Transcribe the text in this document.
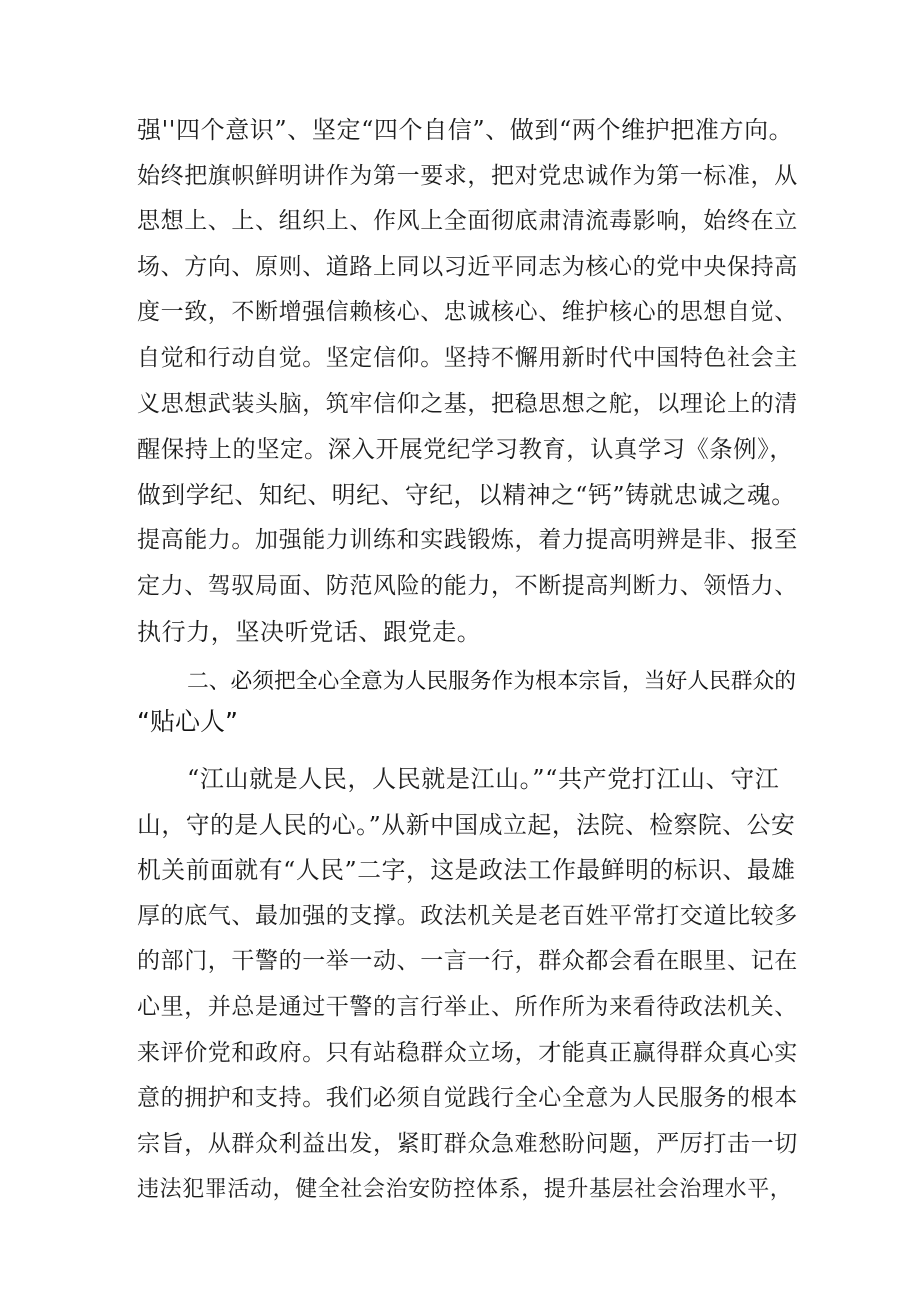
强''四个意识”、坚定“四个自信”、做到“两个维护把准方向。
始终把旗帜鲜明讲作为第一要求，把对党忠诚作为第一标准，从
思想上、上、组织上、作风上全面彻底肃清流毒影响，始终在立
场、方向、原则、道路上同以习近平同志为核心的党中央保持高
度一致，不断增强信赖核心、忠诚核心、维护核心的思想自觉、
自觉和行动自觉。坚定信仰。坚持不懈用新时代中国特色社会主
义思想武装头脑，筑牢信仰之基，把稳思想之舵，以理论上的清
醒保持上的坚定。深入开展党纪学习教育，认真学习《条例》，
做到学纪、知纪、明纪、守纪，以精神之“钙”铸就忠诚之魂。
提高能力。加强能力训练和实践锻炼，着力提高明辨是非、报至
定力、驾驭局面、防范风险的能力，不断提高判断力、领悟力、
执行力，坚决听党话、跟党走。
二、必须把全心全意为人民服务作为根本宗旨，当好人民群众的
“贴心人”
“江山就是人民，人民就是江山。”“共产党打江山、守江
山，守的是人民的心。”从新中国成立起，法院、检察院、公安
机关前面就有“人民”二字，这是政法工作最鲜明的标识、最雄
厚的底气、最加强的支撑。政法机关是老百姓平常打交道比较多
的部门，干警的一举一动、一言一行，群众都会看在眼里、记在
心里，并总是通过干警的言行举止、所作所为来看待政法机关、
来评价党和政府。只有站稳群众立场，才能真正赢得群众真心实
意的拥护和支持。我们必须自觉践行全心全意为人民服务的根本
宗旨，从群众利益出发，紧盯群众急难愁盼问题，严厉打击一切
违法犯罪活动，健全社会治安防控体系，提升基层社会治理水平，
